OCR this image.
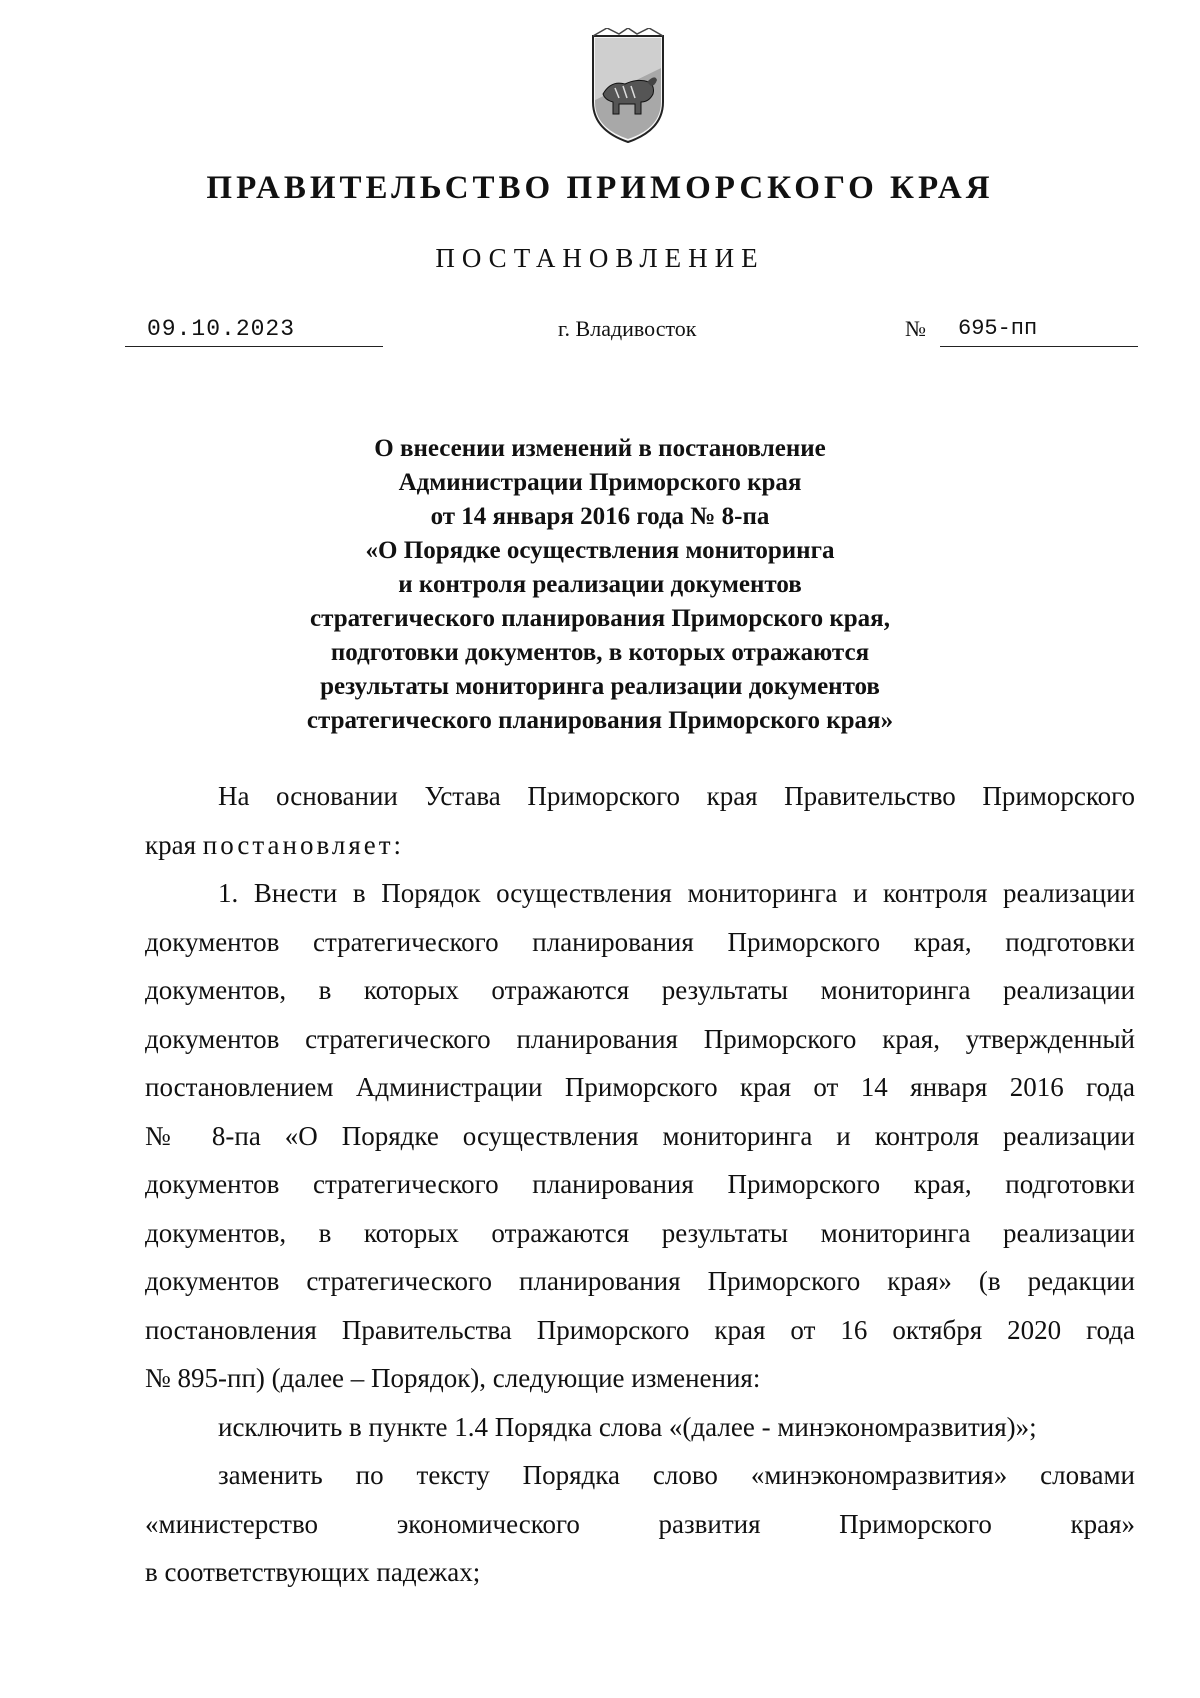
ПРАВИТЕЛЬСТВО ПРИМОРСКОГО КРАЯ
ПОСТАНОВЛЕНИЕ
09.10.2023	г. Владивосток	№	695-пп
О внесении изменений в постановление
Администрации Приморского края
от 14 января 2016 года № 8-па
«О Порядке осуществления мониторинга
и контроля реализации документов
стратегического планирования Приморского края,
подготовки документов, в которых отражаются
результаты мониторинга реализации документов
стратегического планирования Приморского края»
На основании Устава Приморского края Правительство Приморского
края постановляет:
1. Внести в Порядок осуществления мониторинга и контроля реализации
документов стратегического планирования Приморского края, подготовки
документов, в которых отражаются результаты мониторинга реализации
документов стратегического планирования Приморского края, утвержденный
постановлением Администрации Приморского края от 14 января 2016 года
№ 8-па «О Порядке осуществления мониторинга и контроля реализации
документов стратегического планирования Приморского края, подготовки
документов, в которых отражаются результаты мониторинга реализации
документов стратегического планирования Приморского края» (в редакции
постановления Правительства Приморского края от 16 октября 2020 года
№ 895-пп) (далее – Порядок), следующие изменения:
исключить в пункте 1.4 Порядка слова «(далее - минэкономразвития)»;
заменить по тексту Порядка слово «минэкономразвития» словами
«министерство экономического развития Приморского края»
в соответствующих падежах;
